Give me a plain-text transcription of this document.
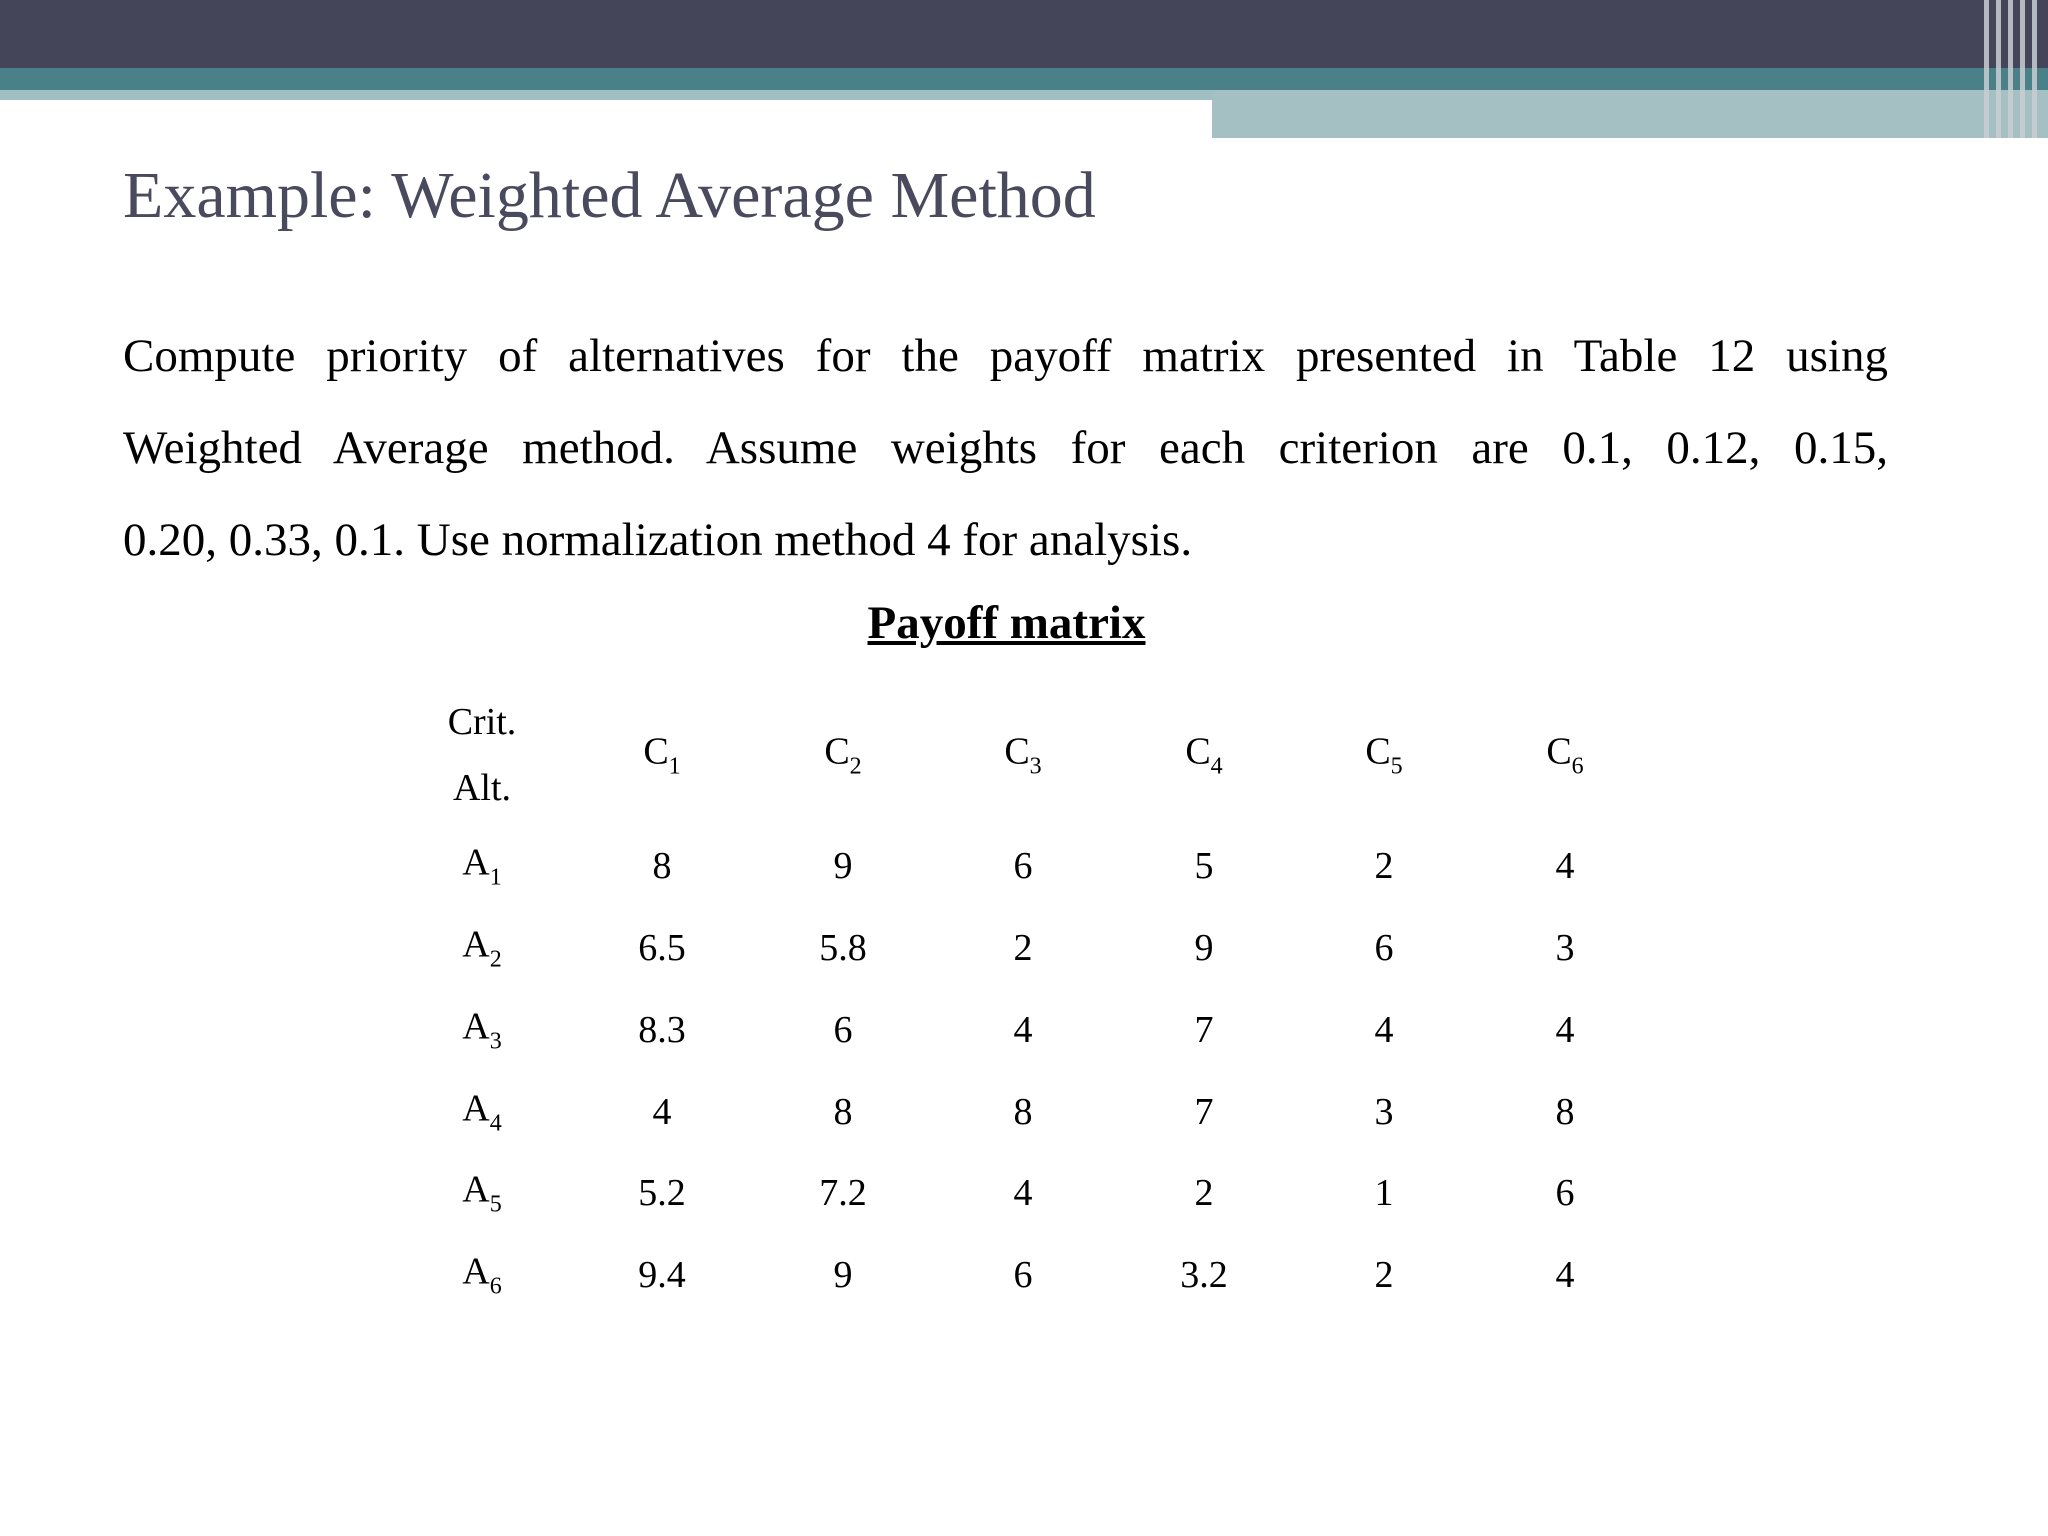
Example: Weighted Average Method
Compute priority of alternatives for the payoff matrix presented in Table 12 using
Weighted Average method. Assume weights for each criterion are 0.1, 0.12, 0.15,
0.20, 0.33, 0.1. Use normalization method 4 for analysis.
Payoff matrix
Crit.
Alt.
$C_1$	$C_2$	$C_3$	$C_4$	$C_5$	$C_6$
$A_1$	8	9	6	5	2	4
$A_2$	6.5	5.8	2	9	6	3
$A_3$	8.3	6	4	7	4	4
$A_4$	4	8	8	7	3	8
$A_5$	5.2	7.2	4	2	1	6
$A_6$	9.4	9	6	3.2	2	4
